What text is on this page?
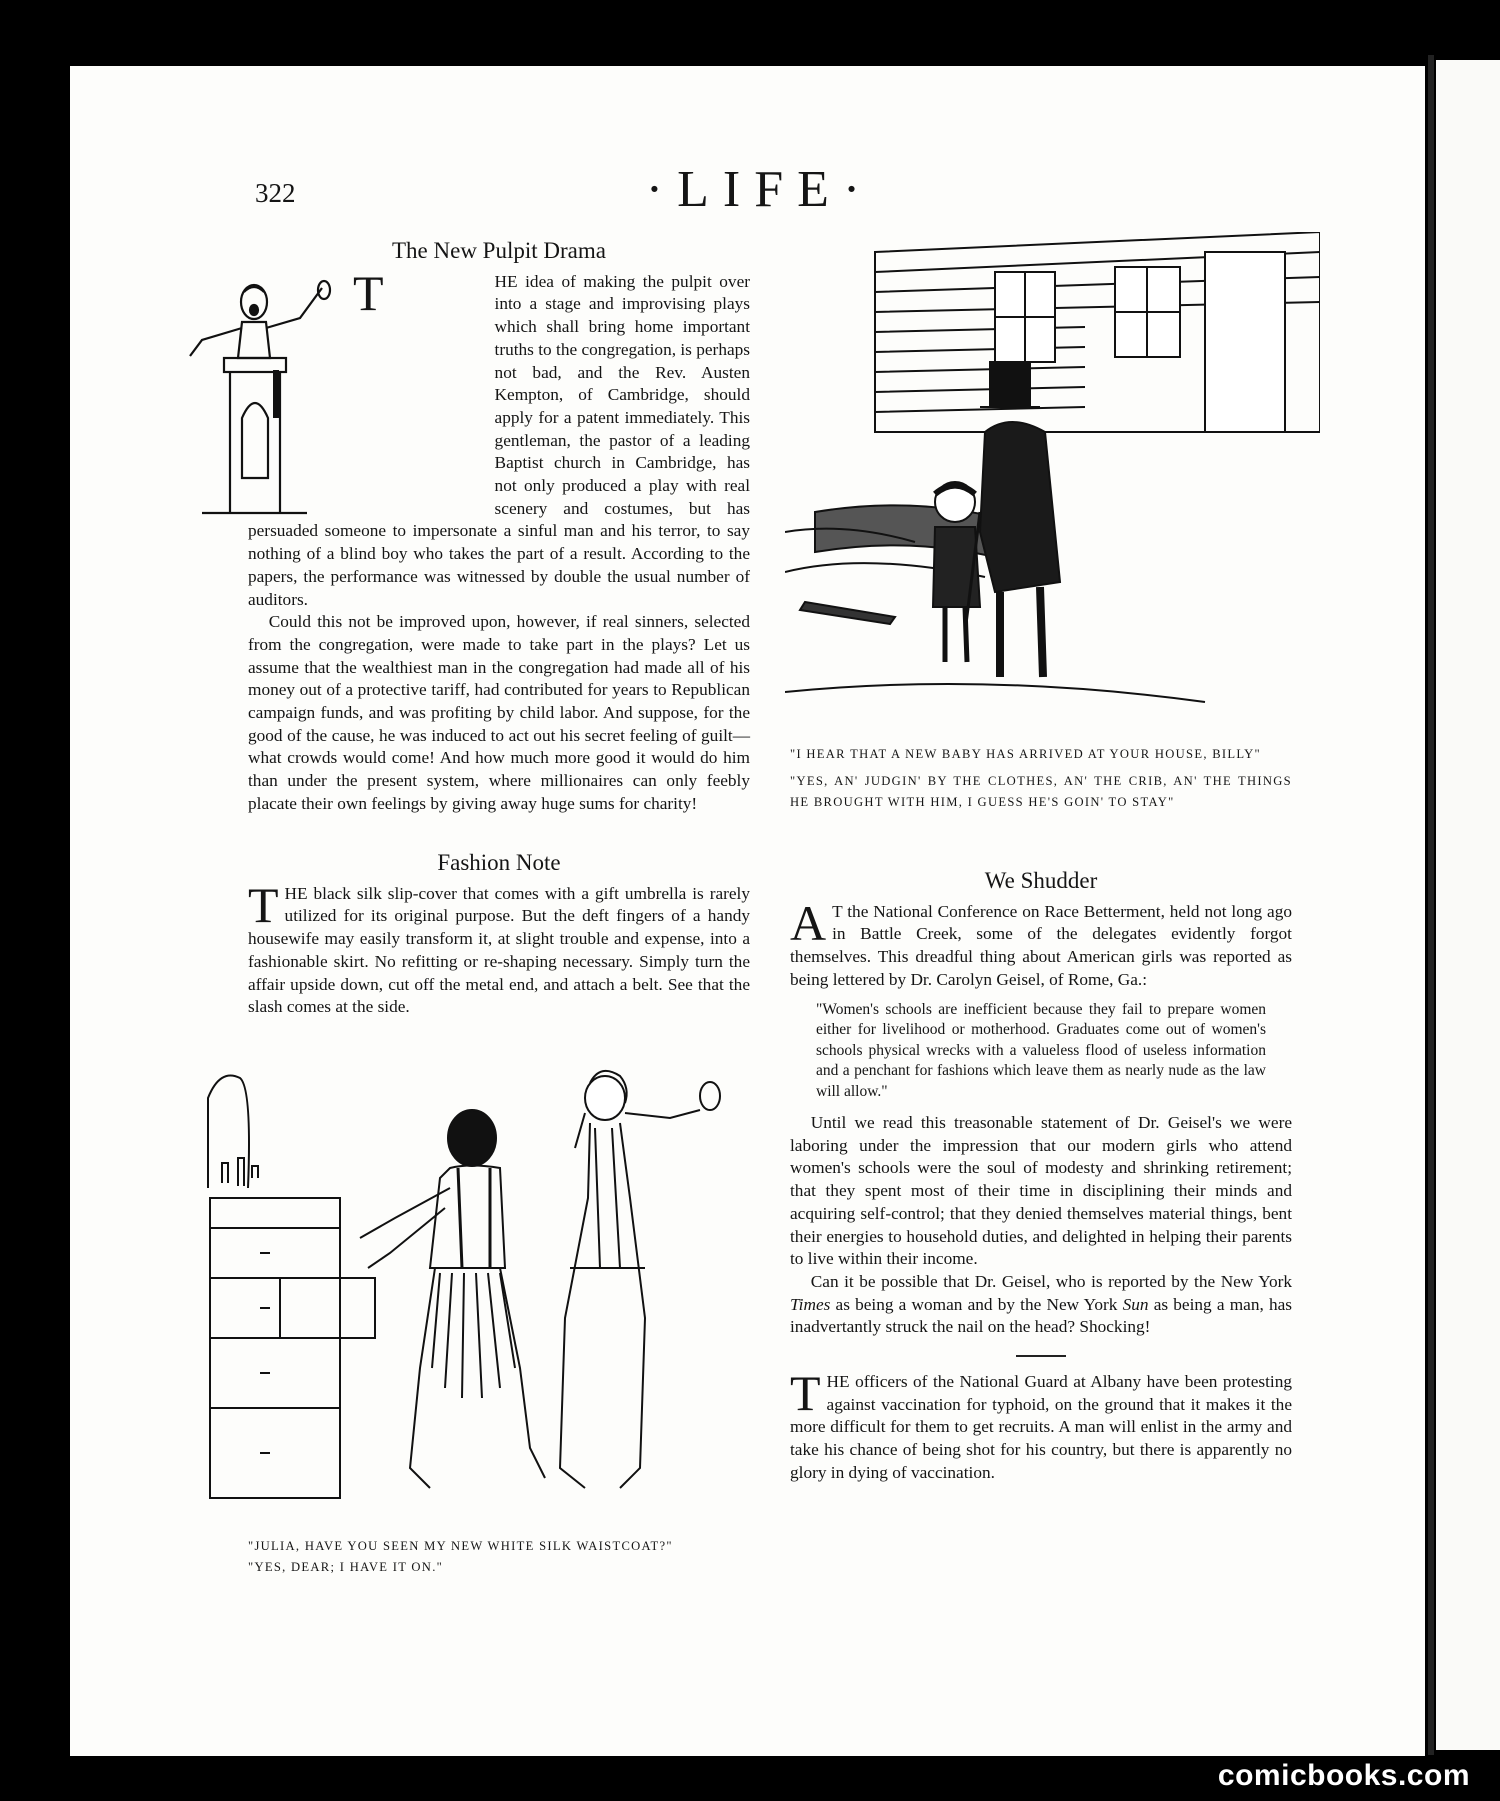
322	·LIFE·
The New Pulpit Drama
T	HE idea of making the pulpit over into a stage and improvising plays which shall bring home important truths to the congregation, is perhaps not bad, and the Rev. Austen Kempton, of Cambridge, should apply for a patent immediately. This gentleman, the pastor of a leading Baptist church in Cambridge, has not only produced a play with real scenery and costumes, but has persuaded someone to impersonate a sinful man and his terror, to say nothing of a blind boy who takes the part of a result. According to the papers, the performance was witnessed by double the usual number of auditors.

Could this not be improved upon, however, if real sinners, selected from the congregation, were made to take part in the plays? Let us assume that the wealthiest man in the congregation had made all of his money out of a protective tariff, had contributed for years to Republican campaign funds, and was profiting by child labor. And suppose, for the good of the cause, he was induced to act out his secret feeling of guilt—what crowds would come! And how much more good it would do him than under the present system, where millionaires can only feebly placate their own feelings by giving away huge sums for charity!

Fashion Note

THE black silk slip-cover that comes with a gift umbrella is rarely utilized for its original purpose. But the deft fingers of a handy housewife may easily transform it, at slight trouble and expense, into a fashionable skirt. No refitting or re-shaping necessary. Simply turn the affair upside down, cut off the metal end, and attach a belt. See that the slash comes at the side.

"JULIA, HAVE YOU SEEN MY NEW WHITE SILK WAISTCOAT?"
"YES, DEAR; I HAVE IT ON."
"I HEAR THAT A NEW BABY HAS ARRIVED AT YOUR HOUSE, BILLY"
"YES, AN' JUDGIN' BY THE CLOTHES, AN' THE CRIB, AN' THE THINGS HE BROUGHT WITH HIM, I GUESS HE'S GOIN' TO STAY"
We Shudder

A T the National Conference on Race Betterment, held not long ago in Battle Creek, some of the delegates evidently forgot themselves. This dreadful thing about American girls was reported as being lettered by Dr. Carolyn Geisel, of Rome, Ga.:

"Women's schools are inefficient because they fail to prepare women either for livelihood or motherhood. Graduates come out of women's schools physical wrecks with a valueless flood of useless information and a penchant for fashions which leave them as nearly nude as the law will allow."

Until we read this treasonable statement of Dr. Geisel's we were laboring under the impression that our modern girls who attend women's schools were the soul of modesty and shrinking retirement; that they spent most of their time in disciplining their minds and acquiring self-control; that they denied themselves material things, bent their energies to household duties, and delighted in helping their parents to live within their income.

Can it be possible that Dr. Geisel, who is reported by the New York Times as being a woman and by the New York Sun as being a man, has inadvertantly struck the nail on the head? Shocking!

THE officers of the National Guard at Albany have been protesting against vaccination for typhoid, on the ground that it makes it the more difficult for them to get recruits. A man will enlist in the army and take his chance of being shot for his country, but there is apparently no glory in dying of vaccination.

comicbooks.com
